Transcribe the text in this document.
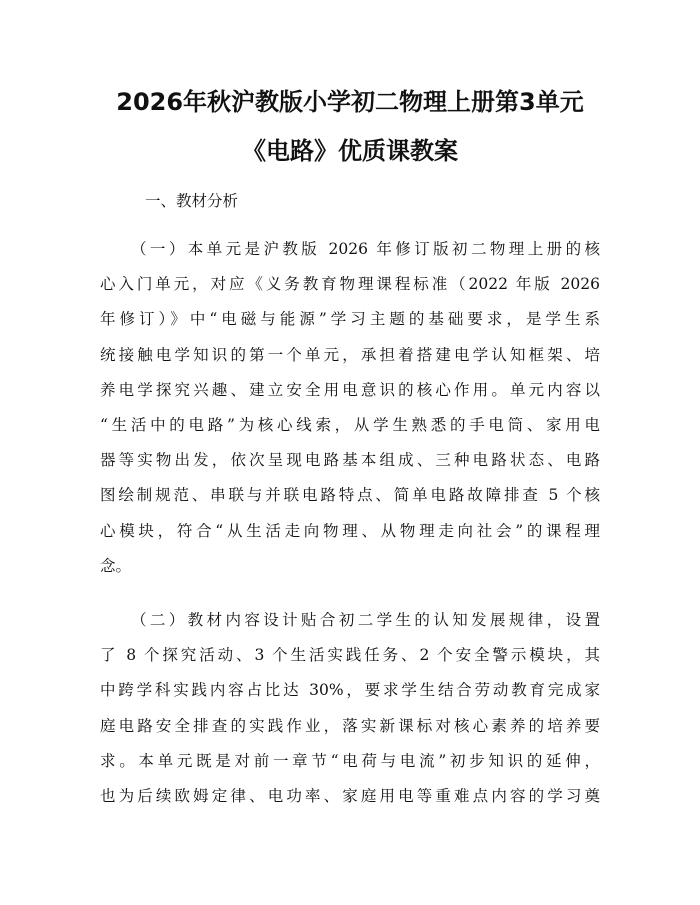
2026年秋沪教版小学初二物理上册第3单元
《电路》优质课教案

一、教材分析

（一）本单元是沪教版 2026 年修订版初二物理上册的核
心入门单元，对应《义务教育物理课程标准（2022 年版 2026
年修订）》中“电磁与能源”学习主题的基础要求，是学生系
统接触电学知识的第一个单元，承担着搭建电学认知框架、培
养电学探究兴趣、建立安全用电意识的核心作用。单元内容以
“生活中的电路”为核心线索，从学生熟悉的手电筒、家用电
器等实物出发，依次呈现电路基本组成、三种电路状态、电路
图绘制规范、串联与并联电路特点、简单电路故障排查 5 个核
心模块，符合“从生活走向物理、从物理走向社会”的课程理
念。
（二）教材内容设计贴合初二学生的认知发展规律，设置
了 8 个探究活动、3 个生活实践任务、2 个安全警示模块，其
中跨学科实践内容占比达 30%，要求学生结合劳动教育完成家
庭电路安全排查的实践作业，落实新课标对核心素养的培养要
求。本单元既是对前一章节“电荷与电流”初步知识的延伸，
也为后续欧姆定律、电功率、家庭用电等重难点内容的学习奠
